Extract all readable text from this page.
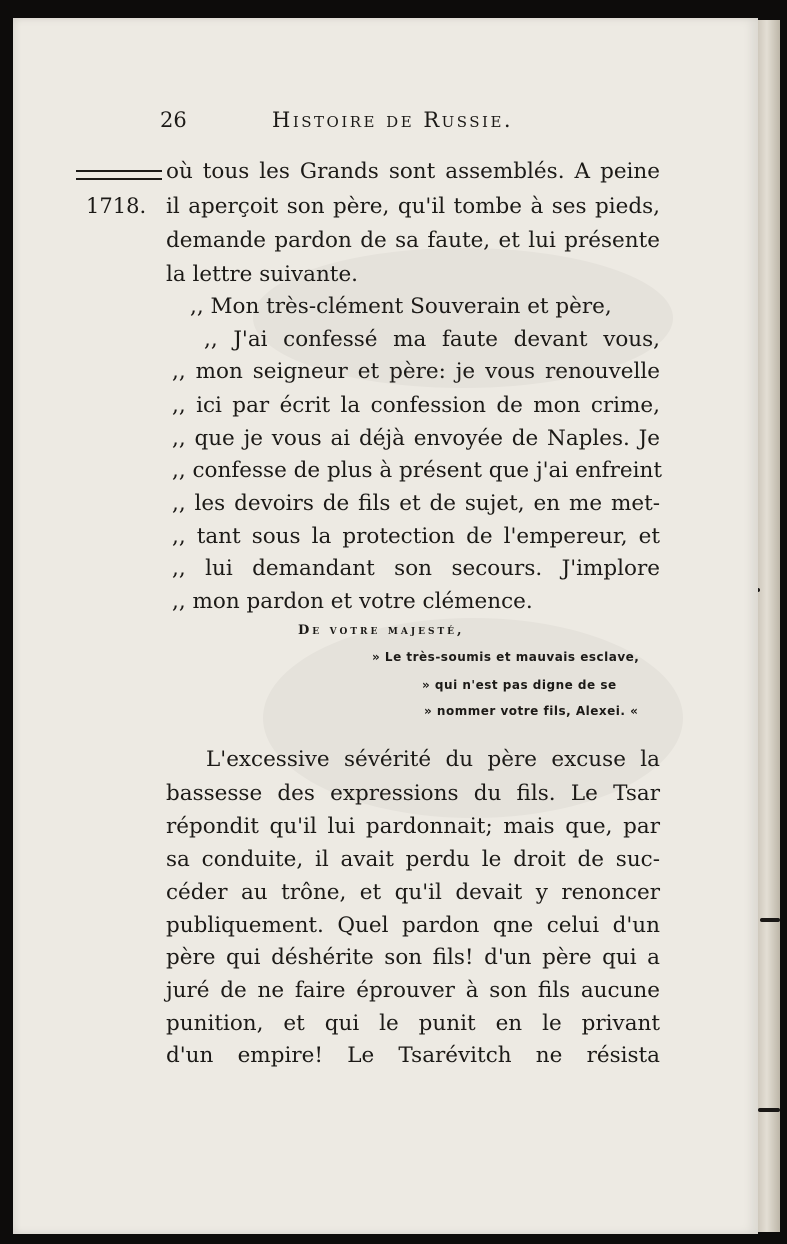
26	Histoire de Russie.
1718.
où tous les Grands sont assemblés. A peine
il aperçoit son père, qu'il tombe à ses pieds,
demande pardon de sa faute, et lui présente
la lettre suivante.
,, Mon très-clément Souverain et père,
,, J'ai confessé ma faute devant vous,
,, mon seigneur et père: je vous renouvelle
,, ici par écrit la confession de mon crime,
,, que je vous ai déjà envoyée de Naples. Je
,, confesse de plus à présent que j'ai enfreint
,, les devoirs de fils et de sujet, en me met-
,, tant sous la protection de l'empereur, et
,, lui demandant son secours. J'implore
,, mon pardon et votre clémence.
De votre majesté,
» Le très-soumis et mauvais esclave,
» qui n'est pas digne de se
» nommer votre fils, Alexei. «
L'excessive sévérité du père excuse la
bassesse des expressions du fils. Le Tsar
répondit qu'il lui pardonnait; mais que, par
sa conduite, il avait perdu le droit de suc-
céder au trône, et qu'il devait y renoncer
publiquement. Quel pardon qne celui d'un
père qui déshérite son fils! d'un père qui a
juré de ne faire éprouver à son fils aucune
punition, et qui le punit en le privant
d'un empire! Le Tsarévitch ne résista
